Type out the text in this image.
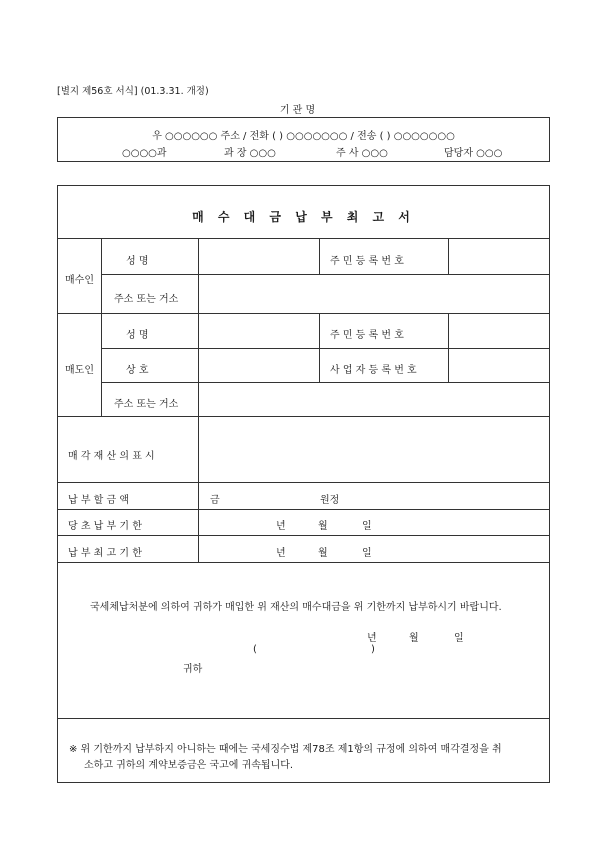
[별지 제56호 서식] (01.3.31. 개정)
기 관 명
우 ○○○○○○ 주소 / 전화 ( ) ○○○○○○○ / 전송 ( ) ○○○○○○○
○○○○과	과 장 ○○○	주 사 ○○○	담당자 ○○○
매 수 대 금 납 부 최 고 서
매수인
성 명	주 민 등 록 번 호
주소 또는 거소
매도인
성 명	주 민 등 록 번 호
상 호	사 업 자 등 록 번 호
주소 또는 거소
매 각 재 산 의 표 시
납 부 할 금 액	금	원정
당 초 납 부 기 한	년	월	일
납 부 최 고 기 한	년	월	일
국세체납처분에 의하여 귀하가 매입한 위 재산의 매수대금을 위 기한까지 납부하시기 바랍니다.
년	월	일
(	)
귀하
※ 위 기한까지 납부하지 아니하는 때에는 국세징수법 제78조 제1항의 규정에 의하여 매각결정을 취
소하고 귀하의 계약보증금은 국고에 귀속됩니다.
